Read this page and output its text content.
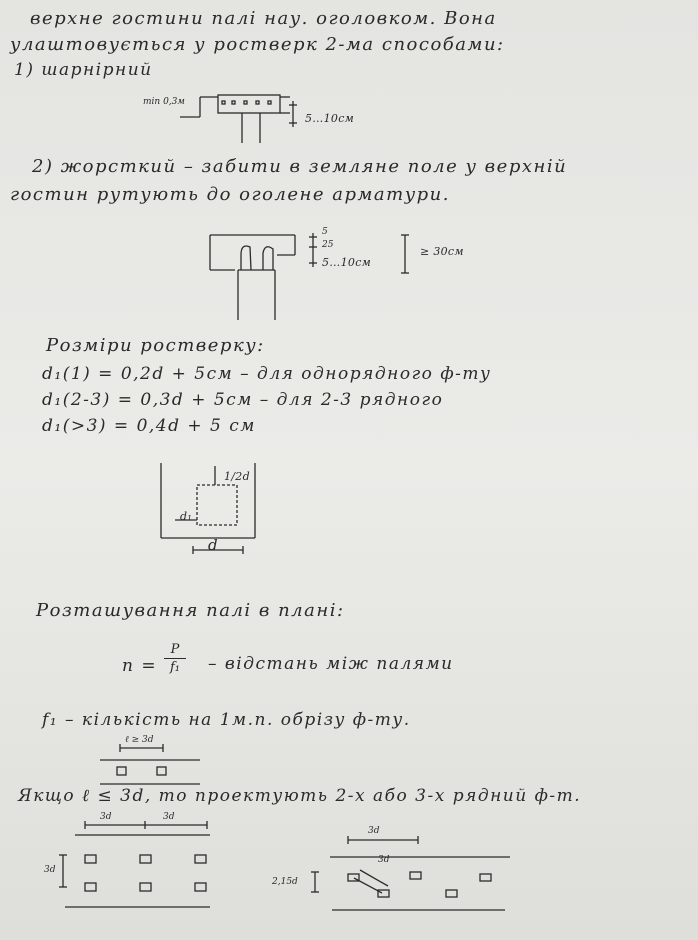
верхне гостини палі нау. оголовком. Вона
улаштовується у ростверк 2-ма способами:
1) шарнірний
min 0,3м
5…10см
2) жорсткий – забити в земляне поле у верхній
гостин рутують до оголене арматури.
5
25
5…10см
≥ 30см
Розміри ростверку:
d₁(1) = 0,2d + 5см – для однорядного ф-ту
d₁(2-3) = 0,3d + 5см – для 2-3 рядного
d₁(>3) = 0,4d + 5 см
1/2d
d₁
d
Розташування палі в плані:
n =
P
f₁	– відстань між палями
f₁ – кількість на 1м.п. обрізу ф-ту.
ℓ ≥ 3d
Якщо ℓ ≤ 3d, то проектують 2-х або 3-х рядний ф-т.
3d	3d
3d
3d
3d
2,15d
